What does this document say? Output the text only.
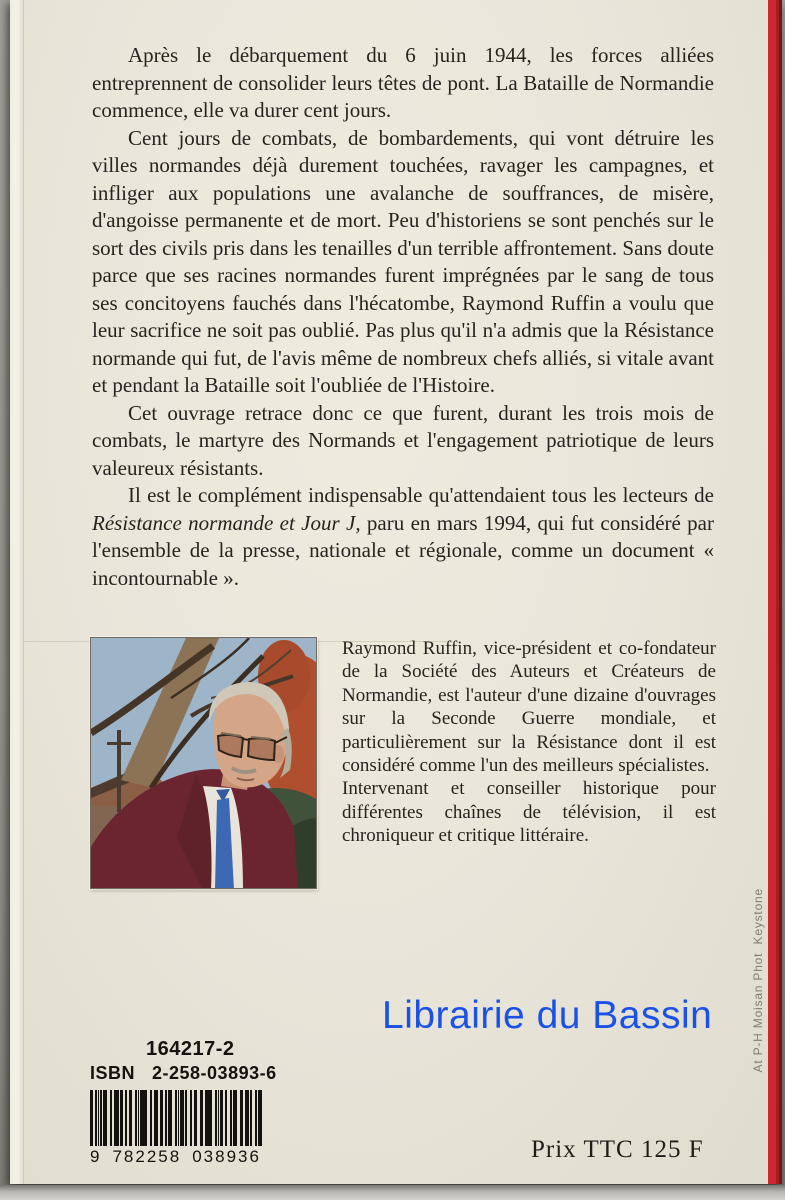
Après le débarquement du 6 juin 1944, les forces alliées entreprennent de consolider leurs têtes de pont. La Bataille de Normandie commence, elle va durer cent jours.

Cent jours de combats, de bombardements, qui vont détruire les villes normandes déjà durement touchées, ravager les campagnes, et infliger aux populations une avalanche de souffrances, de misère, d'angoisse permanente et de mort. Peu d'historiens se sont penchés sur le sort des civils pris dans les tenailles d'un terrible affrontement. Sans doute parce que ses racines normandes furent imprégnées par le sang de tous ses concitoyens fauchés dans l'hécatombe, Raymond Ruffin a voulu que leur sacrifice ne soit pas oublié. Pas plus qu'il n'a admis que la Résistance normande qui fut, de l'avis même de nombreux chefs alliés, si vitale avant et pendant la Bataille soit l'oubliée de l'Histoire.

Cet ouvrage retrace donc ce que furent, durant les trois mois de combats, le martyre des Normands et l'engagement patriotique de leurs valeureux résistants.

Il est le complément indispensable qu'attendaient tous les lecteurs de Résistance normande et Jour J, paru en mars 1994, qui fut considéré par l'ensemble de la presse, nationale et régionale, comme un document « incontournable ».

Raymond Ruffin, vice-président et co-fondateur de la Société des Auteurs et Créateurs de Normandie, est l'auteur d'une dizaine d'ouvrages sur la Seconde Guerre mondiale, et particulièrement sur la Résistance dont il est considéré comme l'un des meilleurs spécialistes.

Intervenant et conseiller historique pour différentes chaînes de télévision, il est chroniqueur et critique littéraire.

Librairie du Bassin
164217-2
ISBN 2-258-03893-6
9 782258 038936	Prix TTC 125 F
At P-H Moisan Phot  Keystone
